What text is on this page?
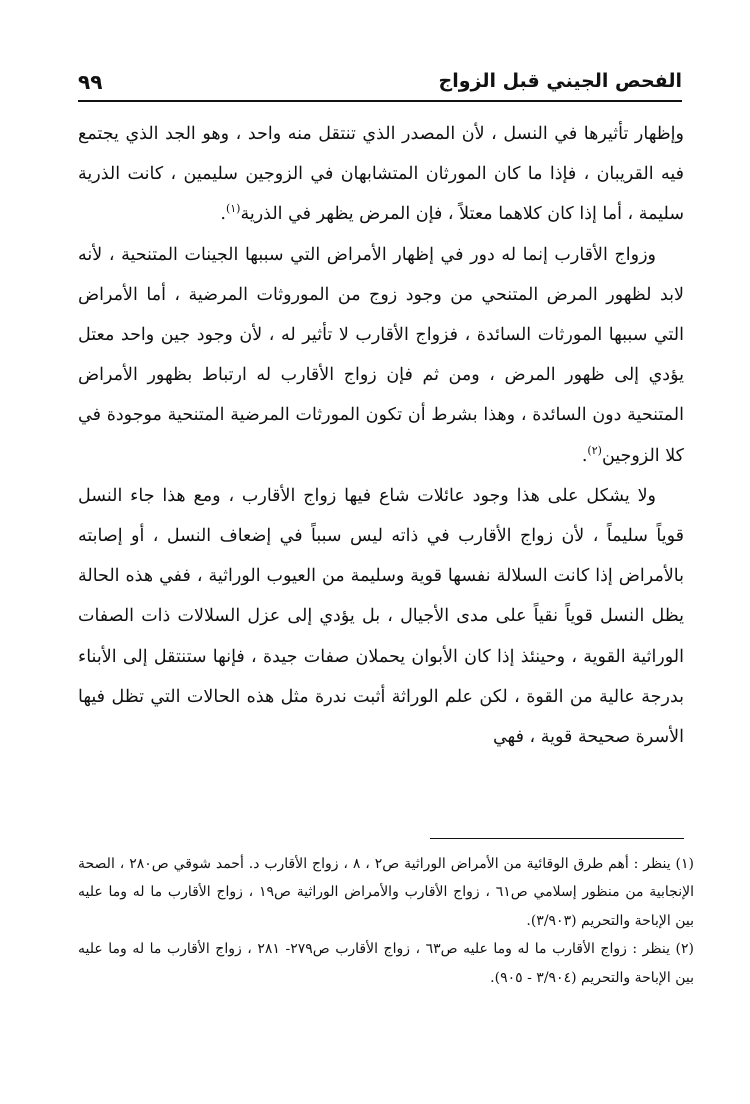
الفحص الجيني قبل الزواج
٩٩

وإظهار تأثيرها في النسل ، لأن المصدر الذي تنتقل منه واحد ، وهو الجد الذي يجتمع فيه القريبان ، فإذا ما كان المورثان المتشابهان في الزوجين سليمين ، كانت الذرية سليمة ، أما إذا كان كلاهما معتلاً ، فإن المرض يظهر في الذرية$^{(١)}$.

وزواج الأقارب إنما له دور في إظهار الأمراض التي سببها الجينات المتنحية ، لأنه لابد لظهور المرض المتنحي من وجود زوج من الموروثات المرضية ، أما الأمراض التي سببها المورثات السائدة ، فزواج الأقارب لا تأثير له ، لأن وجود جين واحد معتل يؤدي إلى ظهور المرض ، ومن ثم فإن زواج الأقارب له ارتباط بظهور الأمراض المتنحية دون السائدة ، وهذا بشرط أن تكون المورثات المرضية المتنحية موجودة في كلا الزوجين$^{(٢)}$.

ولا يشكل على هذا وجود عائلات شاع فيها زواج الأقارب ، ومع هذا جاء النسل قوياً سليماً ، لأن زواج الأقارب في ذاته ليس سبباً في إضعاف النسل ، أو إصابته بالأمراض إذا كانت السلالة نفسها قوية وسليمة من العيوب الوراثية ، ففي هذه الحالة يظل النسل قوياً نقياً على مدى الأجيال ، بل يؤدي إلى عزل السلالات ذات الصفات الوراثية القوية ، وحينئذ إذا كان الأبوان يحملان صفات جيدة ، فإنها ستنتقل إلى الأبناء بدرجة عالية من القوة ، لكن علم الوراثة أثبت ندرة مثل هذه الحالات التي تظل فيها الأسرة صحيحة قوية ، فهي

(١) ينظر : أهم طرق الوقائية من الأمراض الوراثية ص٢ ، ٨ ، زواج الأقارب د. أحمد شوقي ص٢٨٠ ، الصحة الإنجابية من منظور إسلامي ص٦١ ، زواج الأقارب والأمراض الوراثية ص١٩ ، زواج الأقارب ما له وما عليه بين الإباحة والتحريم (٣/٩٠٣).

(٢) ينظر : زواج الأقارب ما له وما عليه ص٦٣ ، زواج الأقارب ص٢٧٩- ٢٨١ ، زواج الأقارب ما له وما عليه بين الإباحة والتحريم (٣/٩٠٤ - ٩٠٥).
